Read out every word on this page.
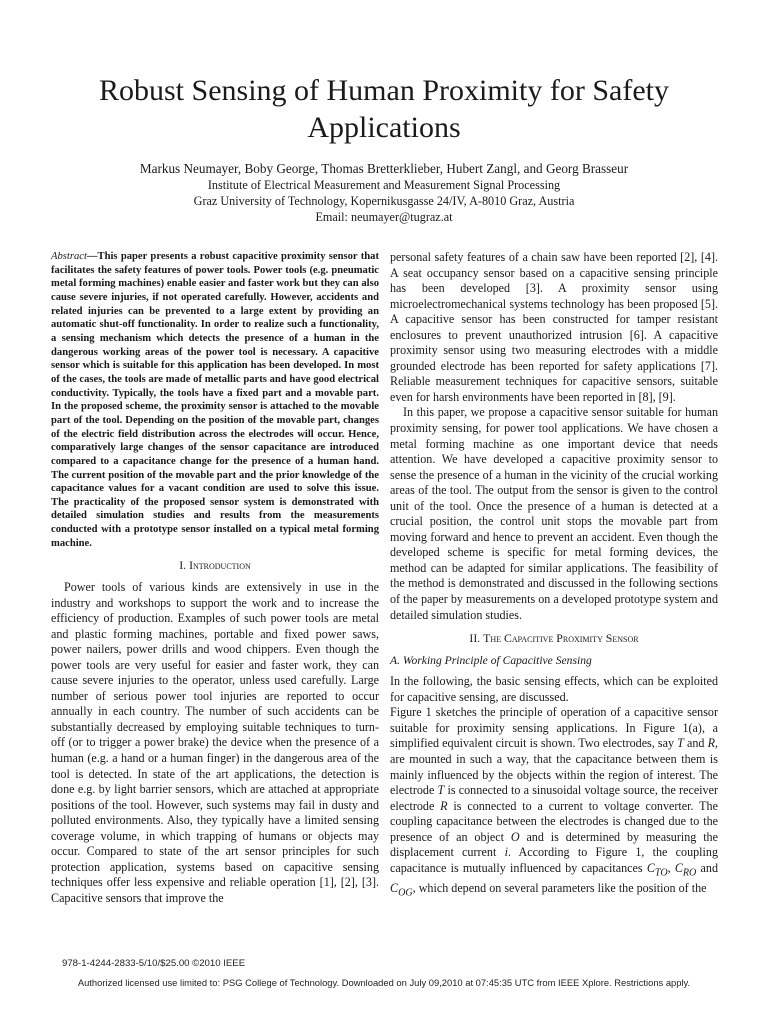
Robust Sensing of Human Proximity for Safety Applications
Markus Neumayer, Boby George, Thomas Bretterklieber, Hubert Zangl, and Georg Brasseur
Institute of Electrical Measurement and Measurement Signal Processing
Graz University of Technology, Kopernikusgasse 24/IV, A-8010 Graz, Austria
Email: neumayer@tugraz.at

Abstract—This paper presents a robust capacitive proximity sensor that facilitates the safety features of power tools. Power tools (e.g. pneumatic metal forming machines) enable easier and faster work but they can also cause severe injuries, if not operated carefully. However, accidents and related injuries can be prevented to a large extent by providing an automatic shut-off functionality. In order to realize such a functionality, a sensing mechanism which detects the presence of a human in the dangerous working areas of the power tool is necessary. A capacitive sensor which is suitable for this application has been developed. In most of the cases, the tools are made of metallic parts and have good electrical conductivity. Typically, the tools have a fixed part and a movable part. In the proposed scheme, the proximity sensor is attached to the movable part of the tool. Depending on the position of the movable part, changes of the electric field distribution across the electrodes will occur. Hence, comparatively large changes of the sensor capacitance are introduced compared to a capacitance change for the presence of a human hand. The current position of the movable part and the prior knowledge of the capacitance values for a vacant condition are used to solve this issue. The practicality of the proposed sensor system is demonstrated with detailed simulation studies and results from the measurements conducted with a prototype sensor installed on a typical metal forming machine.

I. Introduction

Power tools of various kinds are extensively in use in the industry and workshops to support the work and to increase the efficiency of production. Examples of such power tools are metal and plastic forming machines, portable and fixed power saws, power nailers, power drills and wood chippers. Even though the power tools are very useful for easier and faster work, they can cause severe injuries to the operator, unless used carefully. Large number of serious power tool injuries are reported to occur annually in each country. The number of such accidents can be substantially decreased by employing suitable techniques to turn-off (or to trigger a power brake) the device when the presence of a human (e.g. a hand or a human finger) in the dangerous area of the tool is detected. In state of the art applications, the detection is done e.g. by light barrier sensors, which are attached at appropriate positions of the tool. However, such systems may fail in dusty and polluted environments. Also, they typically have a limited sensing coverage volume, in which trapping of humans or objects may occur. Compared to state of the art sensor principles for such protection application, systems based on capacitive sensing techniques offer less expensive and reliable operation [1], [2], [3]. Capacitive sensors that improve the

personal safety features of a chain saw have been reported [2], [4]. A seat occupancy sensor based on a capacitive sensing principle has been developed [3]. A proximity sensor using microelectromechanical systems technology has been proposed [5]. A capacitive sensor has been constructed for tamper resistant enclosures to prevent unauthorized intrusion [6]. A capacitive proximity sensor using two measuring electrodes with a middle grounded electrode has been reported for safety applications [7]. Reliable measurement techniques for capacitive sensors, suitable even for harsh environments have been reported in [8], [9].

In this paper, we propose a capacitive sensor suitable for human proximity sensing, for power tool applications. We have chosen a metal forming machine as one important device that needs attention. We have developed a capacitive proximity sensor to sense the presence of a human in the vicinity of the crucial working areas of the tool. The output from the sensor is given to the control unit of the tool. Once the presence of a human is detected at a crucial position, the control unit stops the movable part from moving forward and hence to prevent an accident. Even though the developed scheme is specific for metal forming devices, the method can be adapted for similar applications. The feasibility of the method is demonstrated and discussed in the following sections of the paper by measurements on a developed prototype system and detailed simulation studies.

II. The Capacitive Proximity Sensor
A. Working Principle of Capacitive Sensing

In the following, the basic sensing effects, which can be exploited for capacitive sensing, are discussed.

Figure 1 sketches the principle of operation of a capacitive sensor suitable for proximity sensing applications. In Figure 1(a), a simplified equivalent circuit is shown. Two electrodes, say T and R, are mounted in such a way, that the capacitance between them is mainly influenced by the objects within the region of interest. The electrode T is connected to a sinusoidal voltage source, the receiver electrode R is connected to a current to voltage converter. The coupling capacitance between the electrodes is changed due to the presence of an object O and is determined by measuring the displacement current i. According to Figure 1, the coupling capacitance is mutually influenced by capacitances $C_{TO}$, $C_{RO}$ and $C_{OG}$, which depend on several parameters like the position of the

978-1-4244-2833-5/10/$25.00 ©2010 IEEE
Authorized licensed use limited to: PSG College of Technology. Downloaded on July 09,2010 at 07:45:35 UTC from IEEE Xplore. Restrictions apply.
